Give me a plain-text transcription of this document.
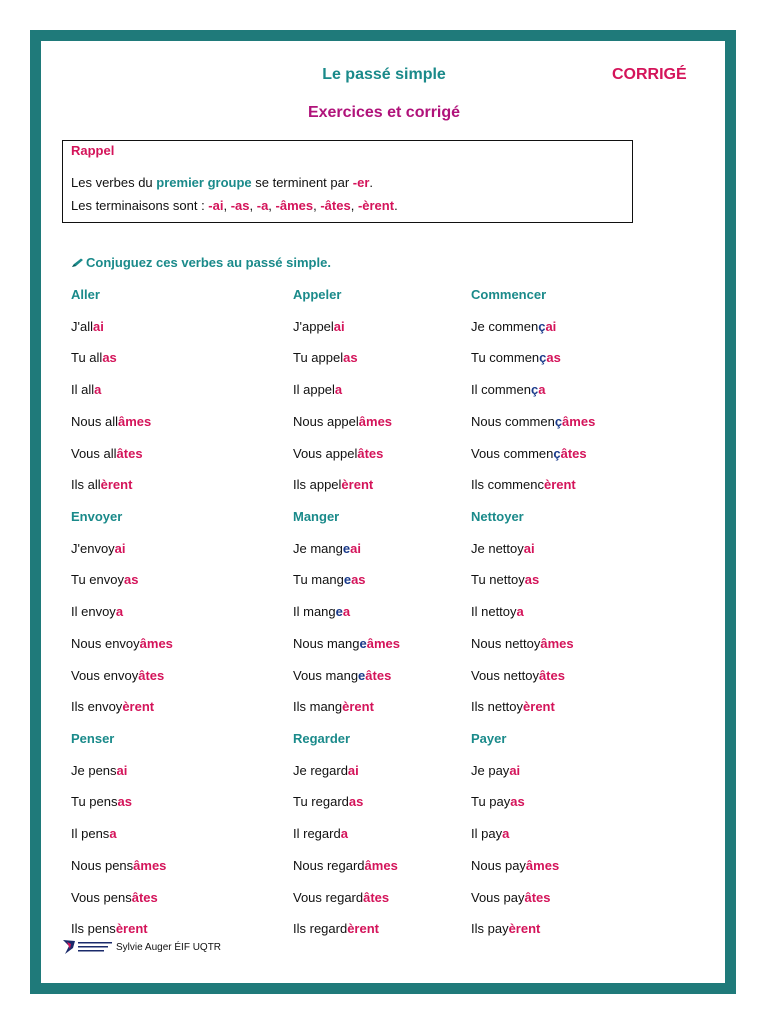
Le passé simple	CORRIGÉ
Exercices et corrigé
Rappel
Les verbes du premier groupe se terminent par -er.
Les terminaisons sont : -ai, -as, -a, -âmes, -âtes, -èrent.
Conjuguez ces verbes au passé simple.
Aller
J'allai
Tu allas
Il alla
Nous allâmes
Vous allâtes
Ils allèrent
Appeler
J'appelai
Tu appelas
Il appela
Nous appelâmes
Vous appelâtes
Ils appelèrent
Commencer
Je commençai
Tu commenças
Il commença
Nous commençâmes
Vous commençâtes
Ils commencèrent
Envoyer
J'envoyai
Tu envoyas
Il envoya
Nous envoyâmes
Vous envoyâtes
Ils envoyèrent
Manger
Je mangeai
Tu mangeas
Il mangea
Nous mangeâmes
Vous mangeâtes
Ils mangèrent
Nettoyer
Je nettoyai
Tu nettoyas
Il nettoya
Nous nettoyâmes
Vous nettoyâtes
Ils nettoyèrent
Penser
Je pensai
Tu pensas
Il pensa
Nous pensâmes
Vous pensâtes
Ils pensèrent
Regarder
Je regardai
Tu regardas
Il regarda
Nous regardâmes
Vous regardâtes
Ils regardèrent
Payer
Je payai
Tu payas
Il paya
Nous payâmes
Vous payâtes
Ils payèrent
Sylvie Auger ÉIF UQTR
